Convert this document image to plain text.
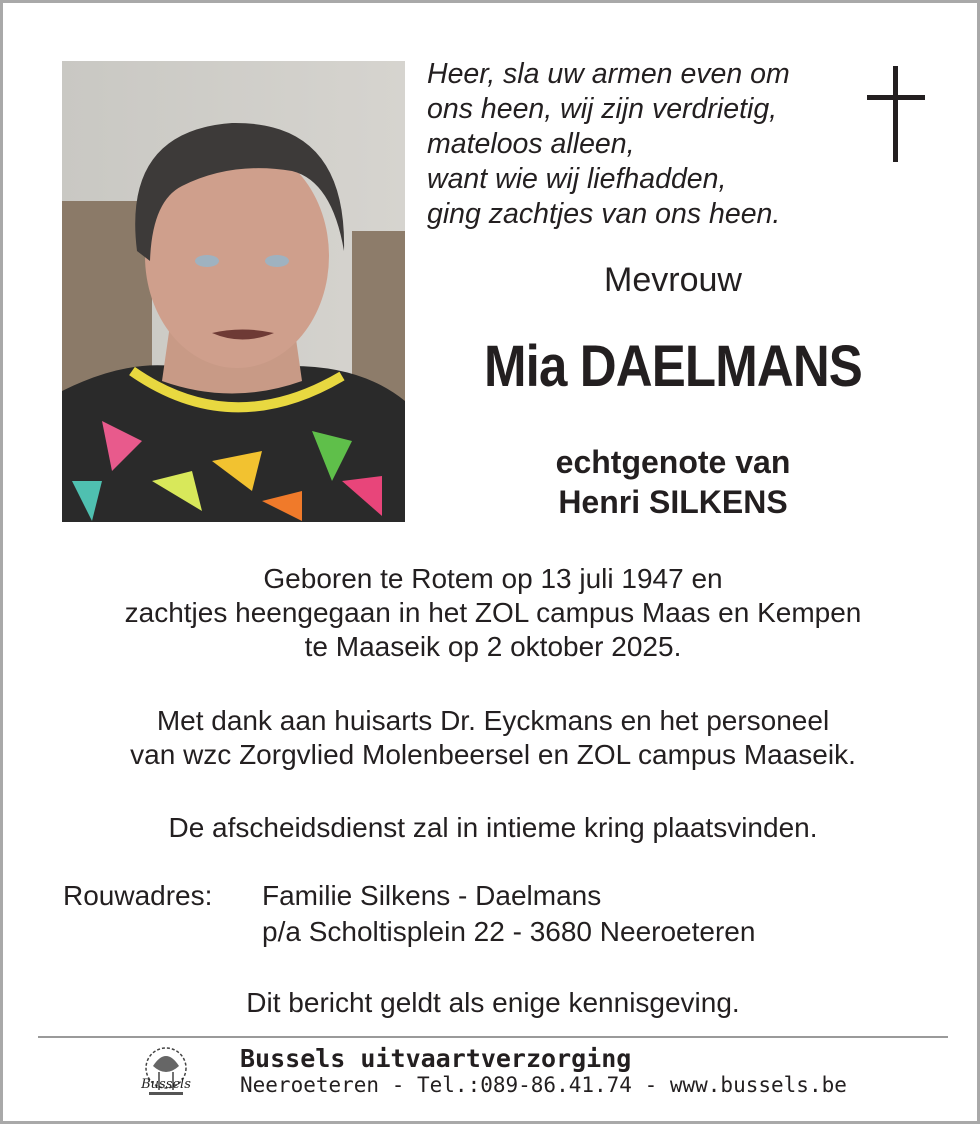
Heer, sla uw armen even om
ons heen, wij zijn verdrietig,
mateloos alleen,
want wie wij liefhadden,
ging zachtjes van ons heen.
Mevrouw
Mia DAELMANS
echtgenote van
Henri SILKENS
Geboren te Rotem op 13 juli 1947 en
zachtjes heengegaan in het ZOL campus Maas en Kempen
te Maaseik op 2 oktober 2025.
Met dank aan huisarts Dr. Eyckmans en het personeel
van wzc Zorgvlied Molenbeersel en ZOL campus Maaseik.
De afscheidsdienst zal in intieme kring plaatsvinden.
Rouwadres: Familie Silkens - Daelmans
p/a Scholtisplein 22 - 3680 Neeroeteren
Dit bericht geldt als enige kennisgeving.
Bussels
Bussels uitvaartverzorging
Neeroeteren - Tel.:089-86.41.74 - www.bussels.be
